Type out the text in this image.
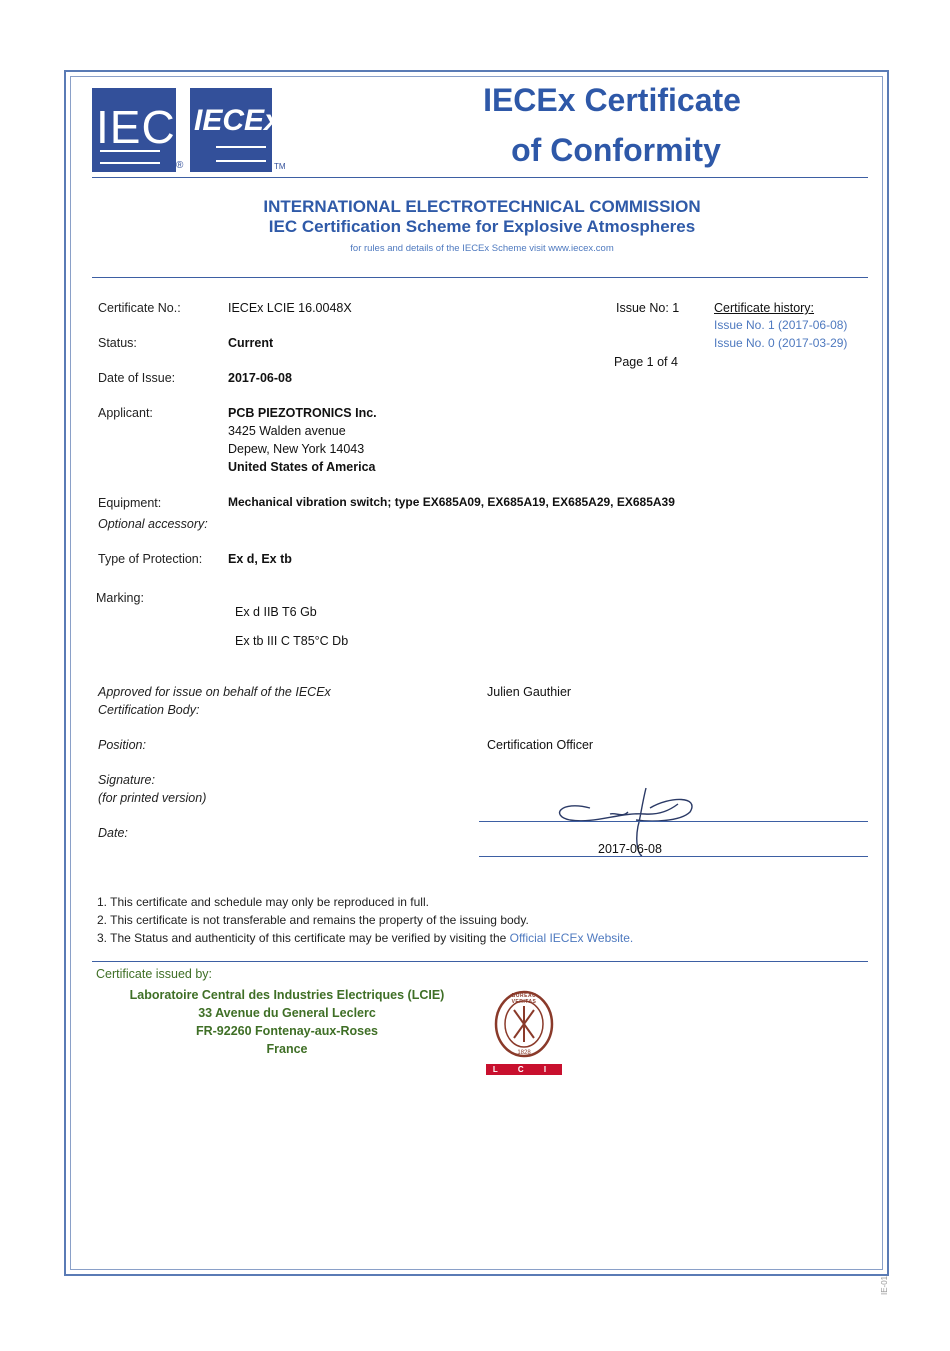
IEC
®
IECEx
TM
IECEx Certificate
of Conformity
INTERNATIONAL ELECTROTECHNICAL COMMISSION
IEC Certification Scheme for Explosive Atmospheres
for rules and details of the IECEx Scheme visit www.iecex.com
Certificate No.:	IECEx LCIE 16.0048X	Issue No: 1	Certificate history:
Issue No. 1 (2017-06-08)
Issue No. 0 (2017-03-29)
Status:	Current
Page 1 of 4
Date of Issue:	2017-06-08
Applicant:	PCB PIEZOTRONICS Inc.
3425 Walden avenue
Depew, New York 14043
United States of America
Equipment:	Mechanical vibration switch; type EX685A09, EX685A19, EX685A29, EX685A39
Optional accessory:
Type of Protection: Ex d, Ex tb
Marking:
Ex d IIB T6 Gb
Ex tb III C T85°C Db
Approved for issue on behalf of the IECEx
Certification Body:
Julien Gauthier
Position:	Certification Officer
Signature:
(for printed version)
Date:
2017-06-08
1. This certificate and schedule may only be reproduced in full.
2. This certificate is not transferable and remains the property of the issuing body.
3. The Status and authenticity of this certificate may be verified by visiting the Official IECEx Website.
Certificate issued by:
Laboratoire Central des Industries Electriques (LCIE)
33 Avenue du General Leclerc
FR-92260 Fontenay-aux-Roses
France
BUREAU VERITAS
1828
L C I E
IE-01
